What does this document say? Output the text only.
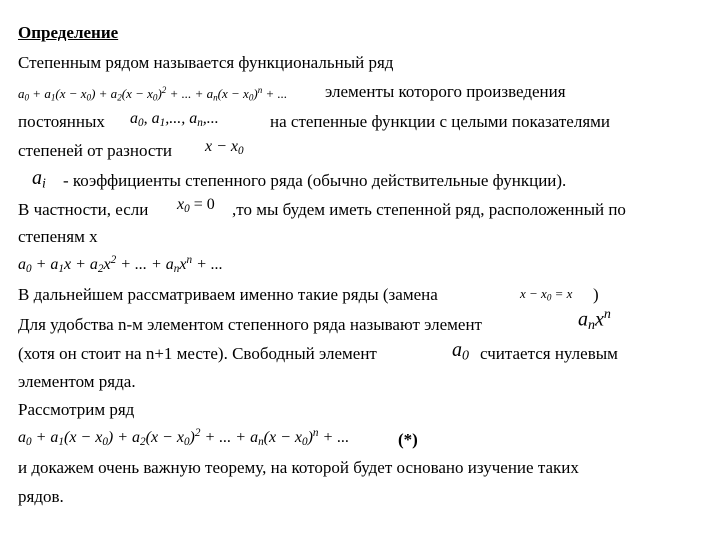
Определение
Степенным рядом называется функциональный ряд
$a_0 + a_1(x - x_0) + a_2(x - x_0)^2$ + ... + $a_n(x - x_0)^n$ + ... элементы которого произведения
постоянных $a_0$, $a_1$,..., $a_n$,...	на степенные функции с целыми показателями
степеней от разности $x - x_0$
$a_i$ - коэффициенты степенного ряда (обычно действительные функции).
В частности, если $x_0 = 0$ ,то мы будем иметь степенной ряд, расположенный по
степеням x
$a_0 + a_1x + a_2x^2$ + ... + $a_nx^n$ + ...
В дальнейшем рассматриваем именно такие ряды (замена	$x - x_0 = x$ )
Для удобства n-м элементом степенного ряда называют элемент	$a_nx^n$
(хотя он стоит на n+1 месте). Свободный элемент	$a_0$ считается нулевым
элементом ряда.
Рассмотрим ряд
$a_0 + a_1(x - x_0) + a_2(x - x_0)^2$ + ... + $a_n(x - x_0)^n$ + ...	(*)
и докажем очень важную теорему, на которой будет основано изучение таких
рядов.
